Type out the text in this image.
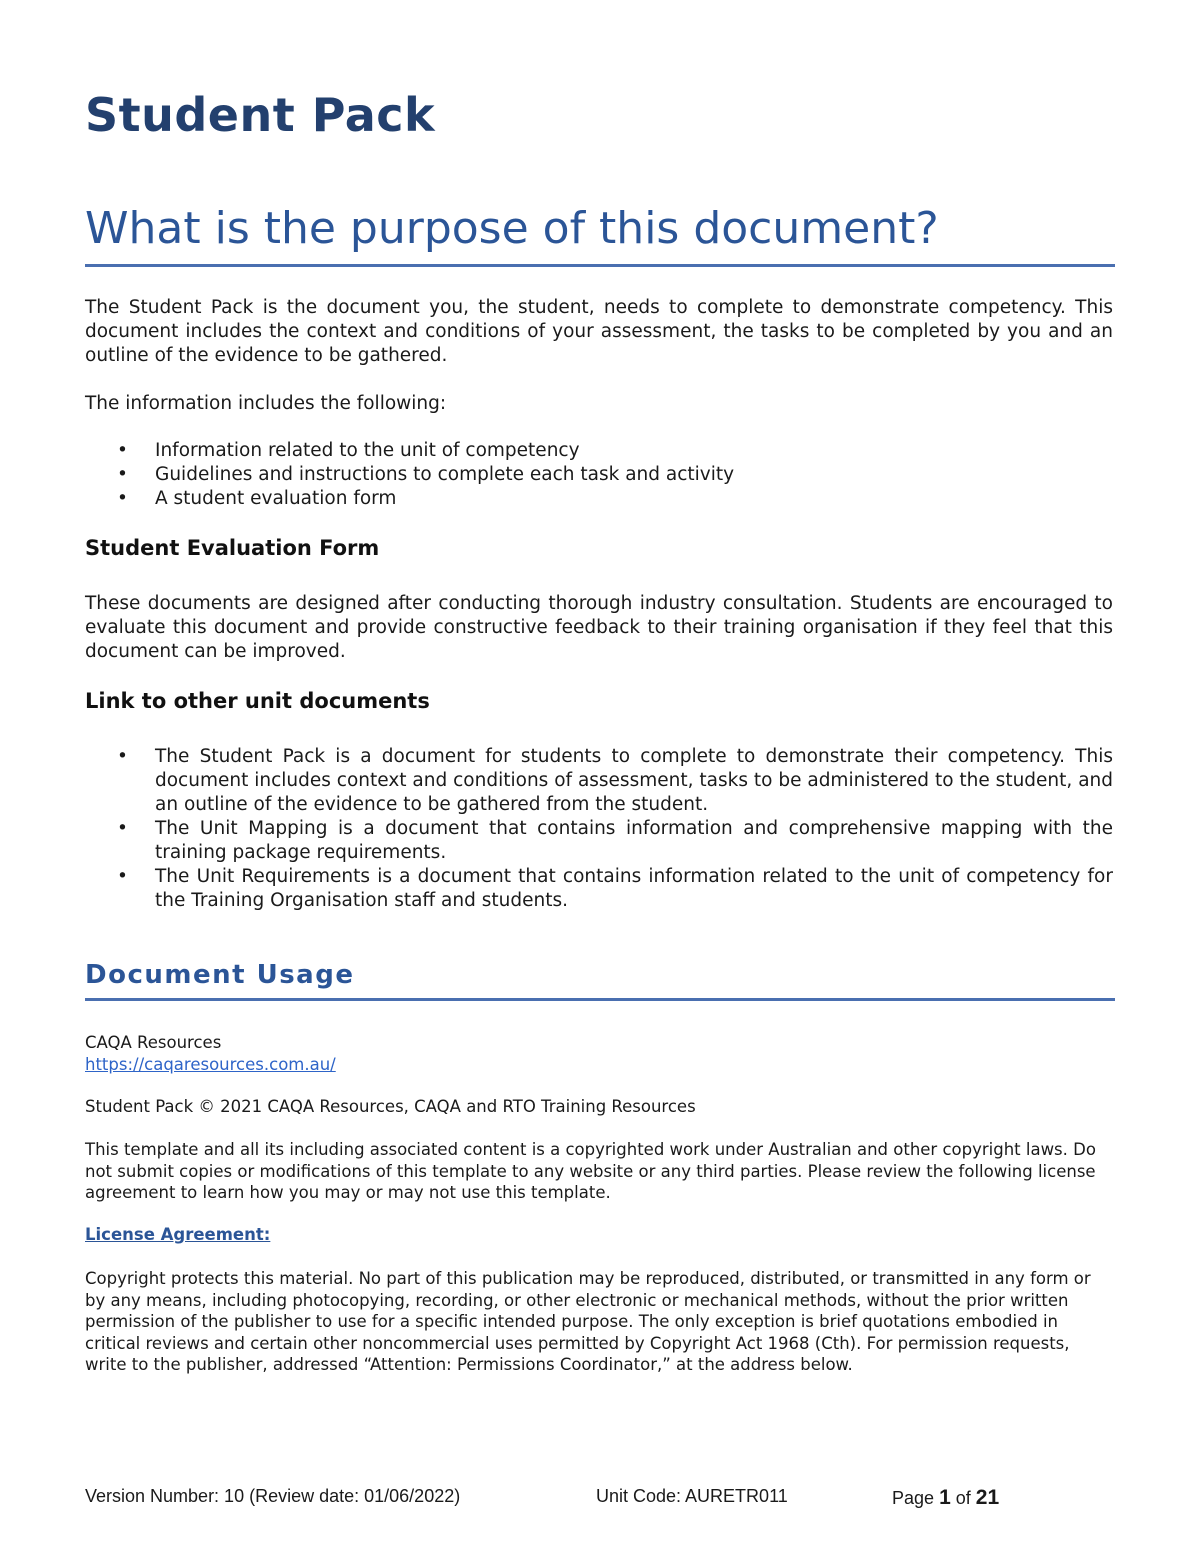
Student Pack
What is the purpose of this document?

The Student Pack is the document you, the student, needs to complete to demonstrate competency. This document includes the context and conditions of your assessment, the tasks to be completed by you and an outline of the evidence to be gathered.

The information includes the following:

• Information related to the unit of competency
• Guidelines and instructions to complete each task and activity
• A student evaluation form
Student Evaluation Form

These documents are designed after conducting thorough industry consultation. Students are encouraged to evaluate this document and provide constructive feedback to their training organisation if they feel that this document can be improved.

Link to other unit documents
• The Student Pack is a document for students to complete to demonstrate their competency. This document includes context and conditions of assessment, tasks to be administered to the student, and an outline of the evidence to be gathered from the student.
• The Unit Mapping is a document that contains information and comprehensive mapping with the training package requirements.
• The Unit Requirements is a document that contains information related to the unit of competency for the Training Organisation staff and students.
Document Usage

CAQA Resources

https://caqaresources.com.au/

Student Pack © 2021 CAQA Resources, CAQA and RTO Training Resources

This template and all its including associated content is a copyrighted work under Australian and other copyright laws. Do not submit copies or modifications of this template to any website or any third parties. Please review the following license agreement to learn how you may or may not use this template.

License Agreement:

Copyright protects this material. No part of this publication may be reproduced, distributed, or transmitted in any form or by any means, including photocopying, recording, or other electronic or mechanical methods, without the prior written permission of the publisher to use for a specific intended purpose. The only exception is brief quotations embodied in critical reviews and certain other noncommercial uses permitted by Copyright Act 1968 (Cth). For permission requests, write to the publisher, addressed “Attention: Permissions Coordinator,” at the address below.

Version Number: 10 (Review date: 01/06/2022)	Unit Code: AURETR011	Page 1 of 21
